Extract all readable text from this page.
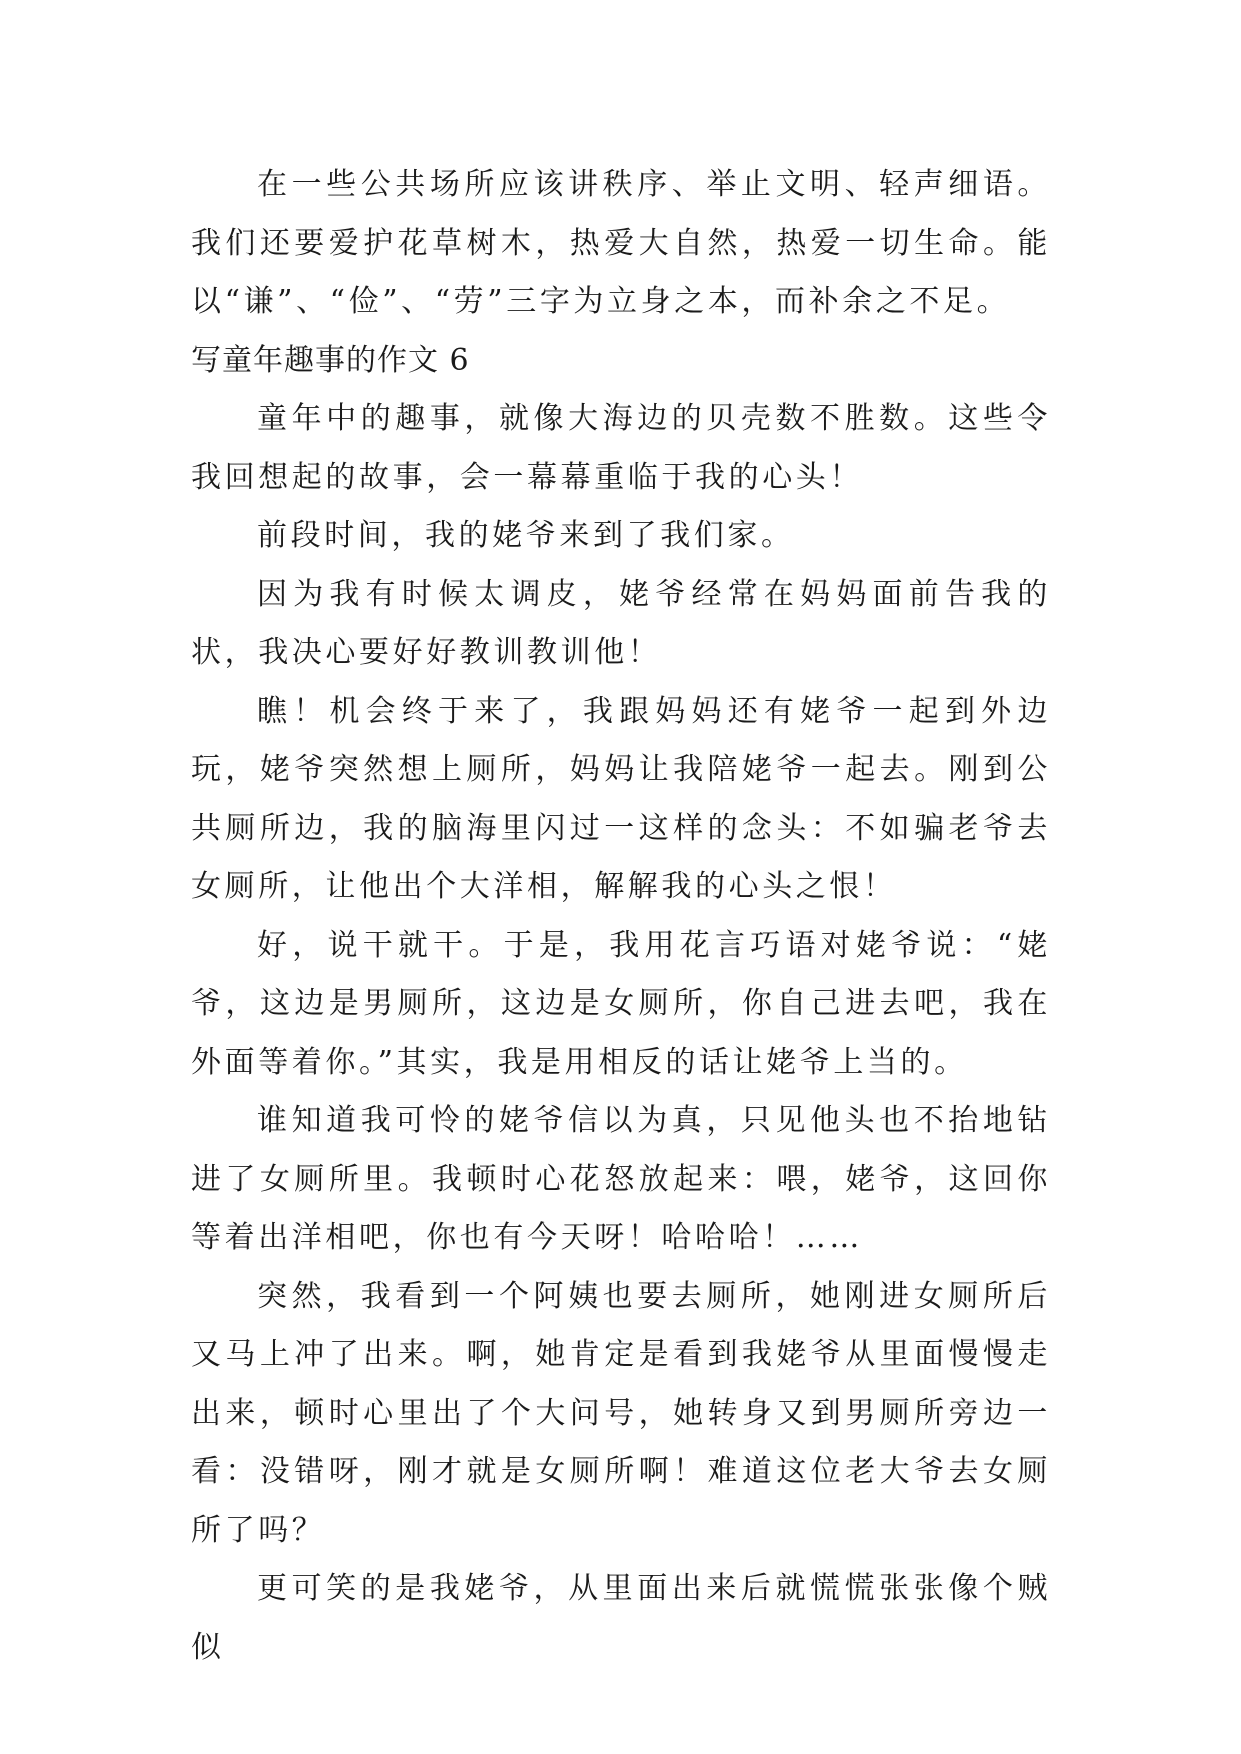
在一些公共场所应该讲秩序、举止文明、轻声细语。我们还要爱护花草树木，热爱大自然，热爱一切生命。能以“谦”、“俭”、“劳”三字为立身之本，而补余之不足。

写童年趣事的作文 6

童年中的趣事，就像大海边的贝壳数不胜数。这些令我回想起的故事，会一幕幕重临于我的心头！

前段时间，我的姥爷来到了我们家。

因为我有时候太调皮，姥爷经常在妈妈面前告我的状，我决心要好好教训教训他！

瞧！机会终于来了，我跟妈妈还有姥爷一起到外边玩，姥爷突然想上厕所，妈妈让我陪姥爷一起去。刚到公共厕所边，我的脑海里闪过一这样的念头：不如骗老爷去女厕所，让他出个大洋相，解解我的心头之恨！

好，说干就干。于是，我用花言巧语对姥爷说：“姥爷，这边是男厕所，这边是女厕所，你自己进去吧，我在外面等着你。”其实，我是用相反的话让姥爷上当的。

谁知道我可怜的姥爷信以为真，只见他头也不抬地钻进了女厕所里。我顿时心花怒放起来：喂，姥爷，这回你等着出洋相吧，你也有今天呀！哈哈哈！……

突然，我看到一个阿姨也要去厕所，她刚进女厕所后又马上冲了出来。啊，她肯定是看到我姥爷从里面慢慢走出来，顿时心里出了个大问号，她转身又到男厕所旁边一看：没错呀，刚才就是女厕所啊！难道这位老大爷去女厕所了吗？

更可笑的是我姥爷，从里面出来后就慌慌张张像个贼似
